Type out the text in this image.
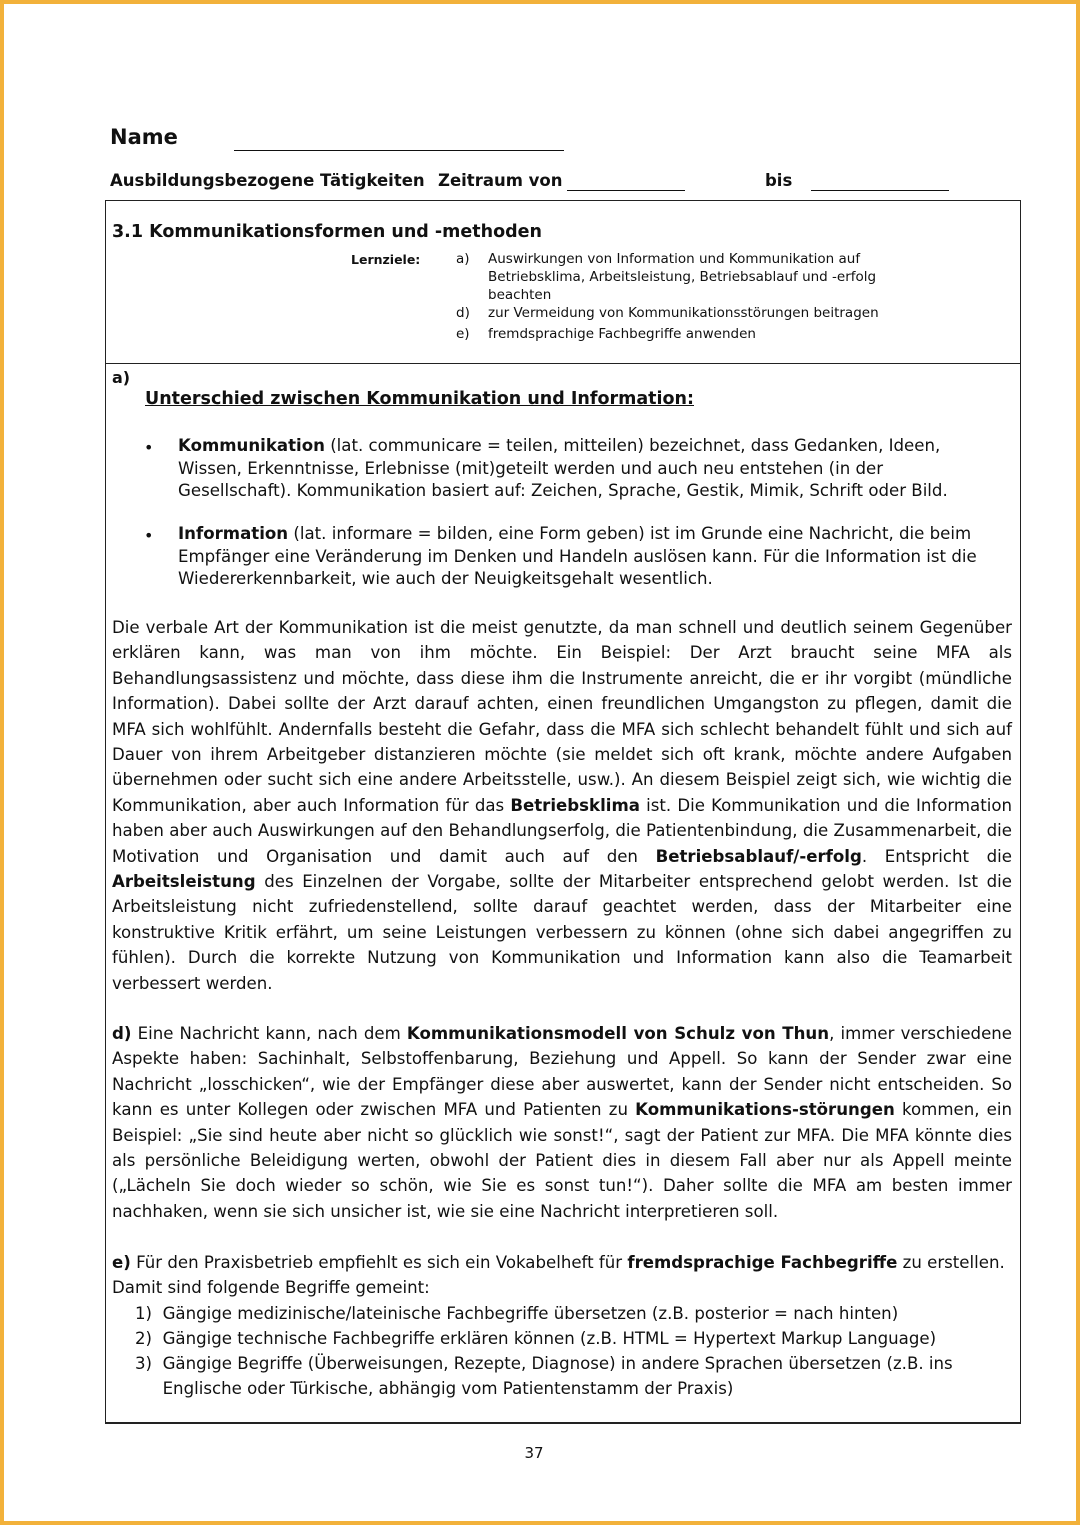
Name
Ausbildungsbezogene Tätigkeiten Zeitraum von	bis
3.1 Kommunikationsformen und -methoden
Lernziele:	a) Auswirkungen von Information und Kommunikation auf Betriebsklima, Arbeitsleistung, Betriebsablauf und -erfolg beachten
d) zur Vermeidung von Kommunikationsstörungen beitragen
e) fremdsprachige Fachbegriffe anwenden
a)
Unterschied zwischen Kommunikation und Information:
• Kommunikation (lat. communicare = teilen, mitteilen) bezeichnet, dass Gedanken, Ideen, Wissen, Erkenntnisse, Erlebnisse (mit)geteilt werden und auch neu entstehen (in der Gesellschaft). Kommunikation basiert auf: Zeichen, Sprache, Gestik, Mimik, Schrift oder Bild.
• Information (lat. informare = bilden, eine Form geben) ist im Grunde eine Nachricht, die beim Empfänger eine Veränderung im Denken und Handeln auslösen kann. Für die Information ist die Wiedererkennbarkeit, wie auch der Neuigkeitsgehalt wesentlich.
Die verbale Art der Kommunikation ist die meist genutzte, da man schnell und deutlich seinem Gegenüber erklären kann, was man von ihm möchte. Ein Beispiel: Der Arzt braucht seine MFA als Behandlungsassistenz und möchte, dass diese ihm die Instrumente anreicht, die er ihr vorgibt (mündliche Information). Dabei sollte der Arzt darauf achten, einen freundlichen Umgangston zu pflegen, damit die MFA sich wohlfühlt. Andernfalls besteht die Gefahr, dass die MFA sich schlecht behandelt fühlt und sich auf Dauer von ihrem Arbeitgeber distanzieren möchte (sie meldet sich oft krank, möchte andere Aufgaben übernehmen oder sucht sich eine andere Arbeitsstelle, usw.). An diesem Beispiel zeigt sich, wie wichtig die Kommunikation, aber auch Information für das Betriebsklima ist. Die Kommunikation und die Information haben aber auch Auswirkungen auf den Behandlungserfolg, die Patientenbindung, die Zusammenarbeit, die Motivation und Organisation und damit auch auf den Betriebsablauf/-erfolg. Entspricht die Arbeitsleistung des Einzelnen der Vorgabe, sollte der Mitarbeiter entsprechend gelobt werden. Ist die Arbeitsleistung nicht zufriedenstellend, sollte darauf geachtet werden, dass der Mitarbeiter eine konstruktive Kritik erfährt, um seine Leistungen verbessern zu können (ohne sich dabei angegriffen zu fühlen). Durch die korrekte Nutzung von Kommunikation und Information kann also die Teamarbeit verbessert werden.
d) Eine Nachricht kann, nach dem Kommunikationsmodell von Schulz von Thun, immer verschiedene Aspekte haben: Sachinhalt, Selbstoffenbarung, Beziehung und Appell. So kann der Sender zwar eine Nachricht „losschicken“, wie der Empfänger diese aber auswertet, kann der Sender nicht entscheiden. So kann es unter Kollegen oder zwischen MFA und Patienten zu Kommunikations-störungen kommen, ein Beispiel: „Sie sind heute aber nicht so glücklich wie sonst!“, sagt der Patient zur MFA. Die MFA könnte dies als persönliche Beleidigung werten, obwohl der Patient dies in diesem Fall aber nur als Appell meinte („Lächeln Sie doch wieder so schön, wie Sie es sonst tun!“). Daher sollte die MFA am besten immer nachhaken, wenn sie sich unsicher ist, wie sie eine Nachricht interpretieren soll.
e) Für den Praxisbetrieb empfiehlt es sich ein Vokabelheft für fremdsprachige Fachbegriffe zu erstellen. Damit sind folgende Begriffe gemeint:
1) Gängige medizinische/lateinische Fachbegriffe übersetzen (z.B. posterior = nach hinten)
2) Gängige technische Fachbegriffe erklären können (z.B. HTML = Hypertext Markup Language)
3) Gängige Begriffe (Überweisungen, Rezepte, Diagnose) in andere Sprachen übersetzen (z.B. ins Englische oder Türkische, abhängig vom Patientenstamm der Praxis)
37
